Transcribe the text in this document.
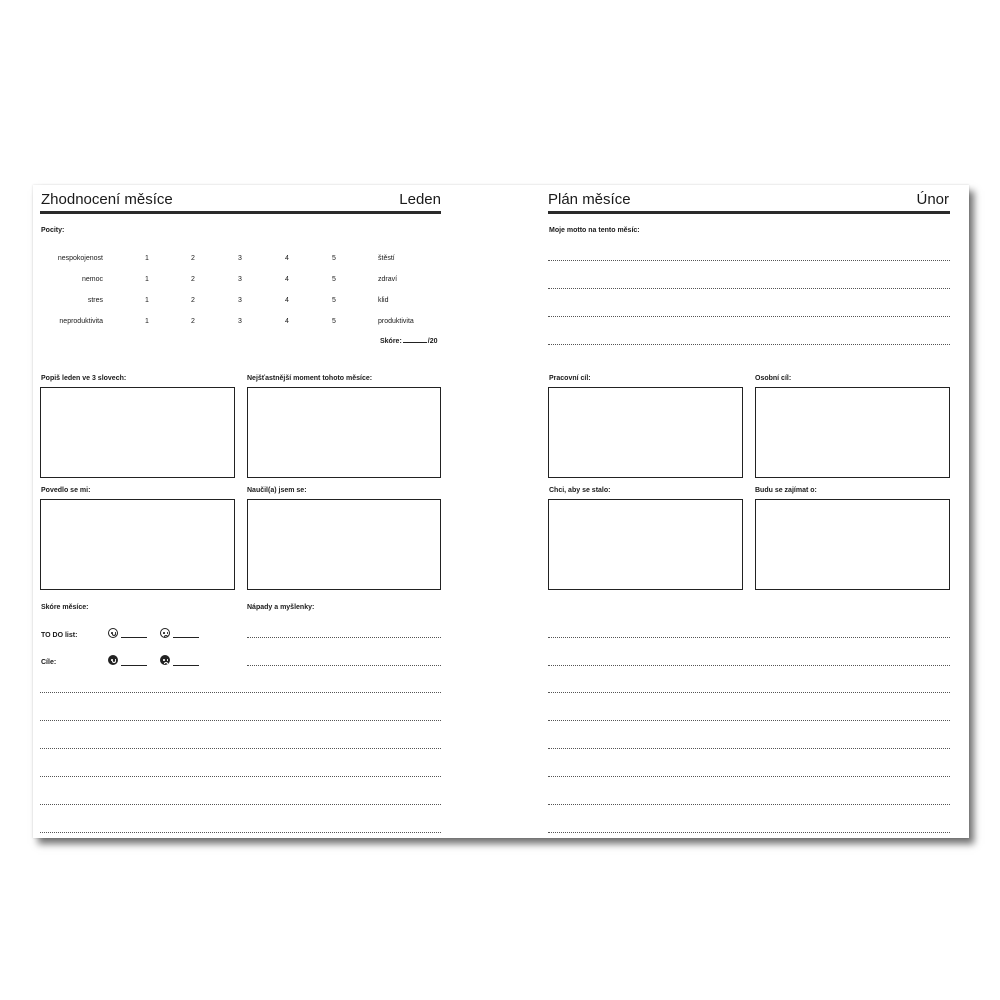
Zhodnocení měsíce	Leden
Pocity:
nespokojenost	1	2	3	4	5	štěstí
nemoc	1	2	3	4	5	zdraví
stres	1	2	3	4	5	klid
neproduktivita	1	2	3	4	5	produktivita
Skóre:	/20
Popiš leden ve 3 slovech:	Nejšťastnější moment tohoto měsíce:
Povedlo se mi:	Naučil(a) jsem se:
Skóre měsíce:
TO DO list:
Cíle:
Nápady a myšlenky:
Plán měsíce	Únor
Moje motto na tento měsíc:
Pracovní cíl:	Osobní cíl:
Chci, aby se stalo:	Budu se zajímat o:
